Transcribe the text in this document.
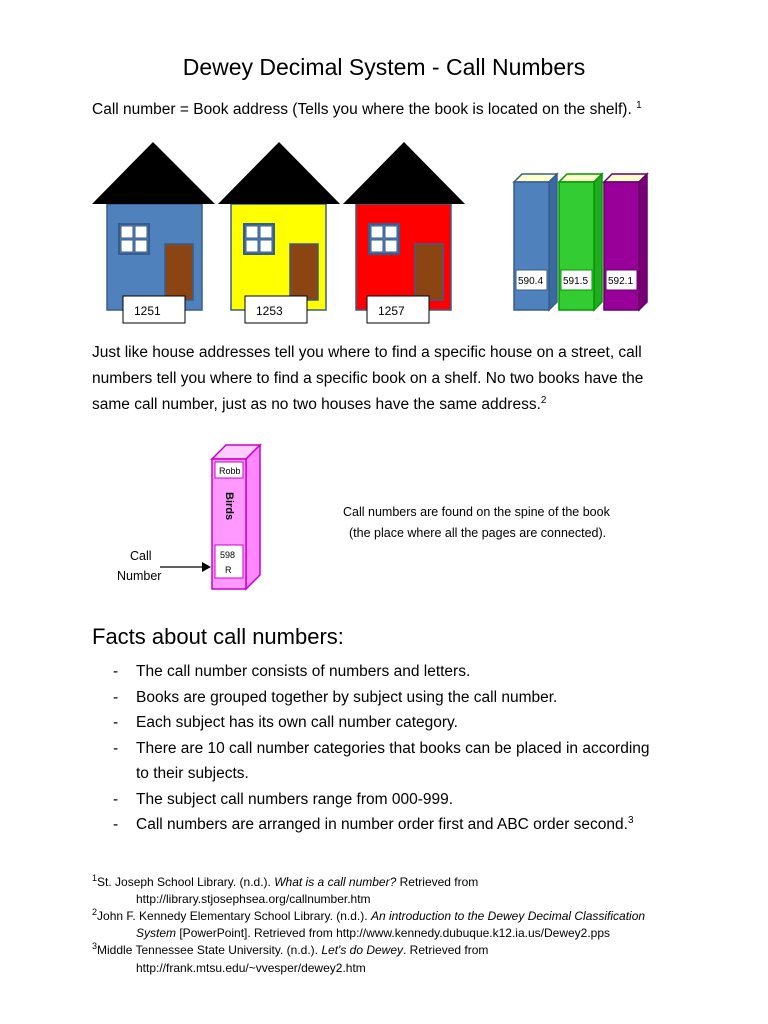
Dewey Decimal System - Call Numbers
Call number = Book address (Tells you where the book is located on the shelf). $^1$
1251	1253	1257
590.4 591.5 592.1
Just like house addresses tell you where to find a specific house on a street, call
numbers tell you where to find a specific book on a shelf. No two books have the
same call number, just as no two houses have the same address.$^2$
Robb
Birds
598
R
Call
Number
Call numbers are found on the spine of the book
(the place where all the pages are connected).
Facts about call numbers:
- The call number consists of numbers and letters.
- Books are grouped together by subject using the call number.
- Each subject has its own call number category.
- There are 10 call number categories that books can be placed in according
to their subjects.
- The subject call numbers range from 000-999.
- Call numbers are arranged in number order first and ABC order second.$^3$
$^1$St. Joseph School Library. (n.d.). What is a call number? Retrieved from
http://library.stjosephsea.org/callnumber.htm
$^2$John F. Kennedy Elementary School Library. (n.d.). An introduction to the Dewey Decimal Classification
System [PowerPoint]. Retrieved from http://www.kennedy.dubuque.k12.ia.us/Dewey2.pps
$^3$Middle Tennessee State University. (n.d.). Let's do Dewey. Retrieved from
http://frank.mtsu.edu/~vvesper/dewey2.htm
